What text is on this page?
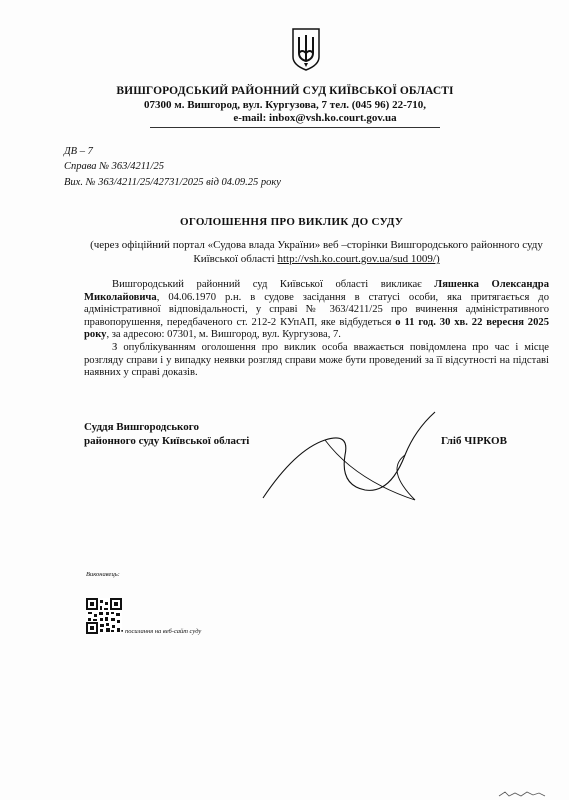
ВИШГОРОДСЬКИЙ РАЙОННИЙ СУД КИЇВСЬКОЇ ОБЛАСТІ
07300 м. Вишгород, вул. Кургузова, 7 тел. (045 96) 22-710,
e-mail: inbox@vsh.ko.court.gov.ua
ДВ – 7
Справа № 363/4211/25
Вих. № 363/4211/25/42731/2025 від 04.09.25 року
ОГОЛОШЕННЯ ПРО ВИКЛИК ДО СУДУ
(через офіційний портал «Судова влада України» веб –сторінки Вишгородського районного суду Київської області http://vsh.ko.court.gov.ua/sud 1009/)

Вишгородський районний суд Київської області викликає Ляшенка Олександра Миколайовича, 04.06.1970 р.н. в судове засідання в статусі особи, яка притягається до адміністративної відповідальності, у справі № 363/4211/25 про вчинення адміністративного правопорушення, передбаченого ст. 212-2 КУпАП, яке відбудеться о 11 год. 30 хв. 22 вересня 2025 року, за адресою: 07301, м. Вишгород, вул. Кургузова, 7.

З опублікуванням оголошення про виклик особа вважається повідомлена про час і місце розгляду справи і у випадку неявки розгляд справи може бути проведений за її відсутності на підставі наявних у справі доказів.

Суддя Вишгородського
районного суду Київської області	Гліб ЧІРКОВ
Виконавець:
▪ посилання на веб-сайт суду
